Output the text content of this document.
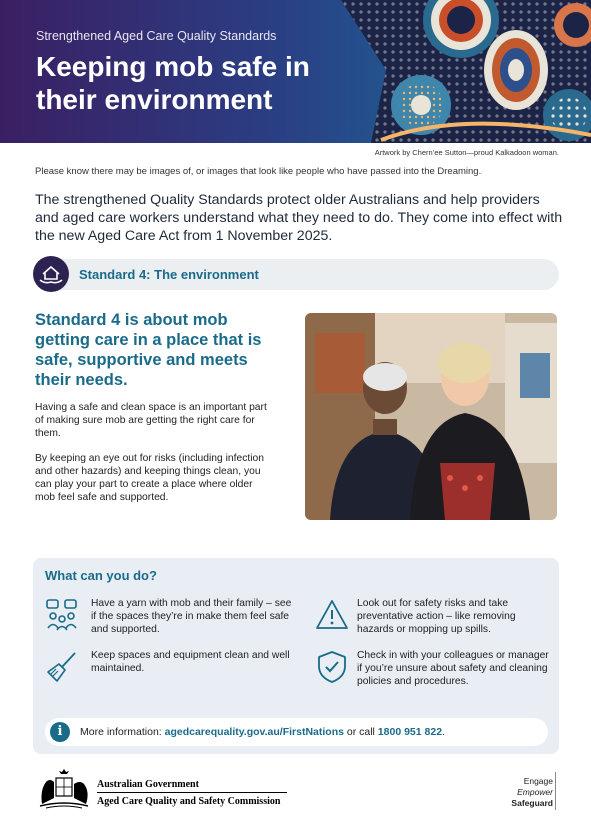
Strengthened Aged Care Quality Standards
Keeping mob safe in their environment
Artwork by Chern’ee Sutton—proud Kalkadoon woman.
Please know there may be images of, or images that look like people who have passed into the Dreaming.
The strengthened Quality Standards protect older Australians and help providers and aged care workers understand what they need to do. They come into effect with the new Aged Care Act from 1 November 2025.
Standard 4: The environment
Standard 4 is about mob getting care in a place that is safe, supportive and meets their needs.
Having a safe and clean space is an important part of making sure mob are getting the right care for them.
By keeping an eye out for risks (including infection and other hazards) and keeping things clean, you can play your part to create a place where older mob feel safe and supported.
What can you do?
Have a yarn with mob and their family – see if the spaces they’re in make them feel safe and supported.
Look out for safety risks and take preventative action – like removing hazards or mopping up spills.
Keep spaces and equipment clean and well maintained.
Check in with your colleagues or manager if you’re unsure about safety and cleaning policies and procedures.
i	More information: agedcarequality.gov.au/FirstNations or call 1800 951 822.
Australian Government
Aged Care Quality and Safety Commission
Engage
Empower
Safeguard
